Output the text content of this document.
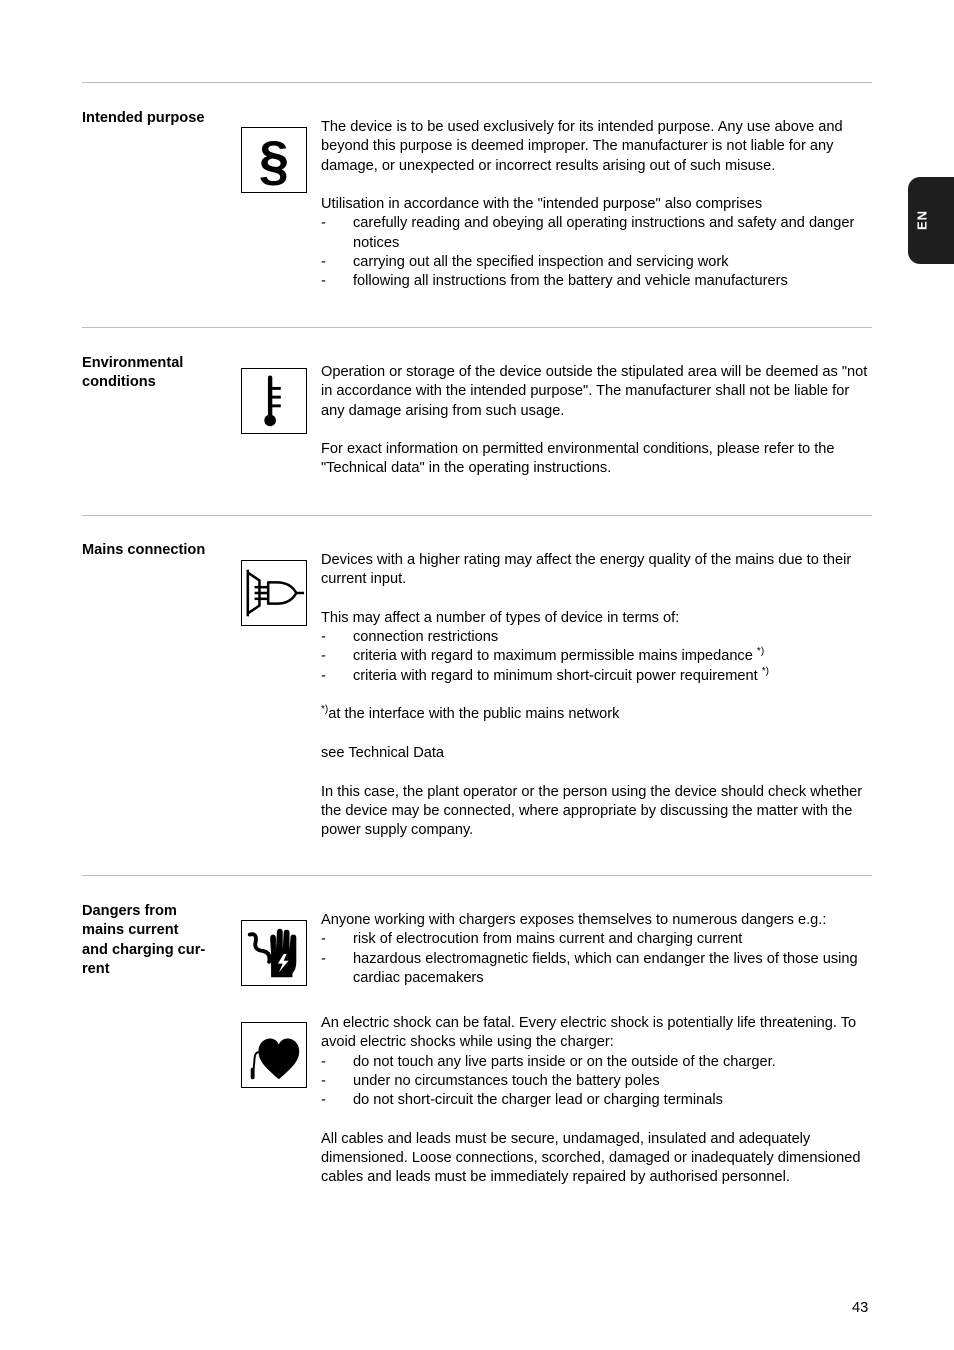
EN
Intended purpose
§

The device is to be used exclusively for its intended purpose. Any use above and beyond this purpose is deemed improper. The manufacturer is not liable for any damage, or unexpected or incorrect results arising out of such misuse.

Utilisation in accordance with the "intended purpose" also comprises

- carefully reading and obeying all operating instructions and safety and danger notices
- carrying out all the specified inspection and servicing work
- following all instructions from the battery and vehicle manufacturers
Environmental conditions

Operation or storage of the device outside the stipulated area will be deemed as "not in accordance with the intended purpose". The manufacturer shall not be liable for any damage arising from such usage.

For exact information on permitted environmental conditions, please refer to the "Technical data" in the operating instructions.

Mains connection

Devices with a higher rating may affect the energy quality of the mains due to their current input.

This may affect a number of types of device in terms of:

- connection restrictions
- criteria with regard to maximum permissible mains impedance *)
- criteria with regard to minimum short-circuit power requirement *)

*)at the interface with the public mains network

see Technical Data

In this case, the plant operator or the person using the device should check whether the device may be connected, where appropriate by discussing the matter with the power supply company.

Dangers from
mains current
and charging cur-
rent

Anyone working with chargers exposes themselves to numerous dangers e.g.:

- risk of electrocution from mains current and charging current
- hazardous electromagnetic fields, which can endanger the lives of those using cardiac pacemakers

An electric shock can be fatal. Every electric shock is potentially life threatening. To avoid electric shocks while using the charger:

- do not touch any live parts inside or on the outside of the charger.
- under no circumstances touch the battery poles
- do not short-circuit the charger lead or charging terminals

All cables and leads must be secure, undamaged, insulated and adequately dimensioned. Loose connections, scorched, damaged or inadequately dimensioned cables and leads must be immediately repaired by authorised personnel.

43
